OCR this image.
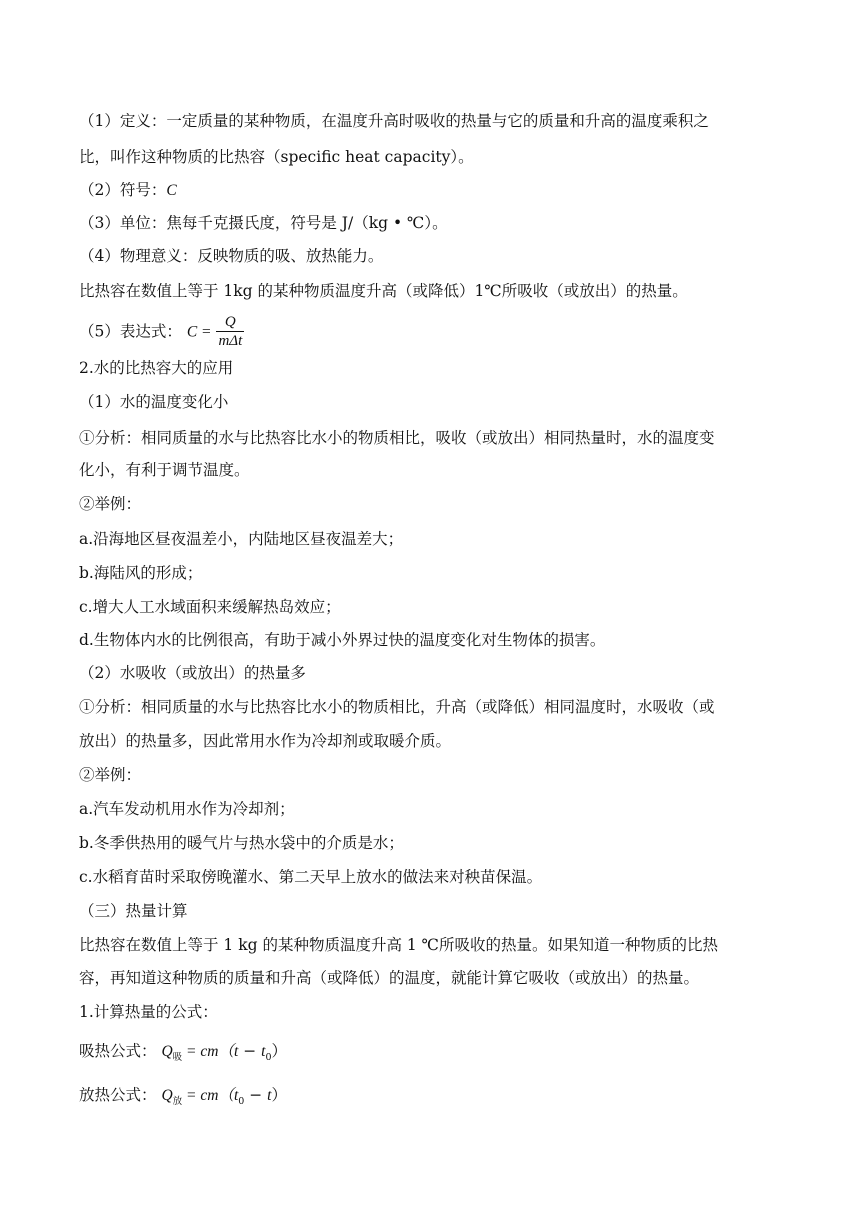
（1）定义：一定质量的某种物质，在温度升高时吸收的热量与它的质量和升高的温度乘积之
比，叫作这种物质的比热容（specific heat capacity）。
（2）符号：C
（3）单位：焦每千克摄氏度，符号是 J/（kg • ℃）。
（4）物理意义：反映物质的吸、放热能力。
比热容在数值上等于 1kg 的某种物质温度升高（或降低）1℃所吸收（或放出）的热量。
（5）表达式： $C = \frac{Q}{\text{mΔt}}$
2.水的比热容大的应用
（1）水的温度变化小
①分析：相同质量的水与比热容比水小的物质相比，吸收（或放出）相同热量时，水的温度变
化小，有利于调节温度。
②举例：
a.沿海地区昼夜温差小，内陆地区昼夜温差大；
b.海陆风的形成；
c.增大人工水域面积来缓解热岛效应；
d.生物体内水的比例很高，有助于减小外界过快的温度变化对生物体的损害。
（2）水吸收（或放出）的热量多
①分析：相同质量的水与比热容比水小的物质相比，升高（或降低）相同温度时，水吸收（或
放出）的热量多，因此常用水作为冷却剂或取暖介质。
②举例：
a.汽车发动机用水作为冷却剂；
b.冬季供热用的暖气片与热水袋中的介质是水；
c.水稻育苗时采取傍晚灌水、第二天早上放水的做法来对秧苗保温。
（三）热量计算
比热容在数值上等于 1 kg 的某种物质温度升高 1 ℃所吸收的热量。如果知道一种物质的比热
容，再知道这种物质的质量和升高（或降低）的温度，就能计算它吸收（或放出）的热量。
1.计算热量的公式：
吸热公式： $Q_吸 = cm(t - t_0)$
放热公式： $Q_放 = cm(t_0 - t)$
